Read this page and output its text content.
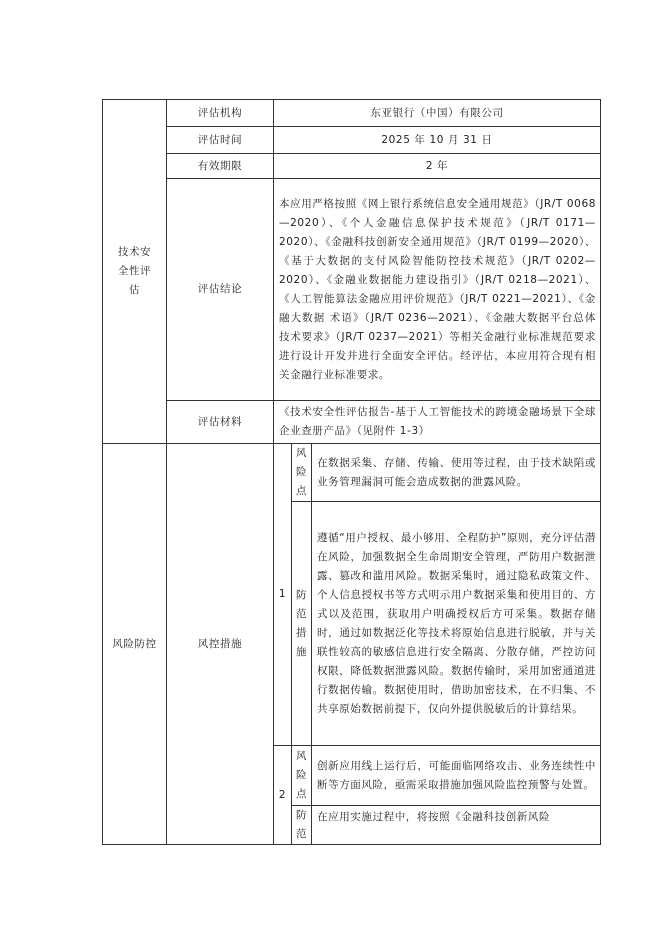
技术安全性评估	评估机构	东亚银行（中国）有限公司		
	评估时间	2025 年 10 月 31 日		
	有效期限	2 年		
	评估结论	本应用严格按照《网上银行系统信息安全通用规范》（JR/T 0068—2020）、《个人金融信息保护技术规范》（JR/T 0171—2020）、《金融科技创新安全通用规范》（JR/T 0199—2020）、《基于大数据的支付风险智能防控技术规范》（JR/T 0202—2020）、《金融业数据能力建设指引》（JR/T 0218—2021）、《人工智能算法金融应用评价规范》（JR/T 0221—2021）、《金融大数据 术语》（JR/T 0236—2021）、《金融大数据平台总体技术要求》（JR/T 0237—2021）等相关金融行业标准规范要求进行设计开发并进行全面安全评估。经评估，本应用符合现有相关金融行业标准要求。		
	评估材料	《技术安全性评估报告-基于人工智能技术的跨境金融场景下全球企业查册产品》（见附件 1-3）		
风险防控	风控措施	1	风险点	在数据采集、存储、传输、使用等过程，由于技术缺陷或业务管理漏洞可能会造成数据的泄露风险。
			防范措施	遵循“用户授权、最小够用、全程防护”原则，充分评估潜在风险，加强数据全生命周期安全管理，严防用户数据泄露、篡改和滥用风险。数据采集时，通过隐私政策文件、个人信息授权书等方式明示用户数据采集和使用目的、方式以及范围，获取用户明确授权后方可采集。数据存储时，通过如数据泛化等技术将原始信息进行脱敏，并与关联性较高的敏感信息进行安全隔离、分散存储，严控访问权限，降低数据泄露风险。数据传输时，采用加密通道进行数据传输。数据使用时，借助加密技术，在不归集、不共享原始数据前提下，仅向外提供脱敏后的计算结果。
		2	风险点	创新应用线上运行后，可能面临网络攻击、业务连续性中断等方面风险，亟需采取措施加强风险监控预警与处置。
			防范	在应用实施过程中，将按照《金融科技创新风险
